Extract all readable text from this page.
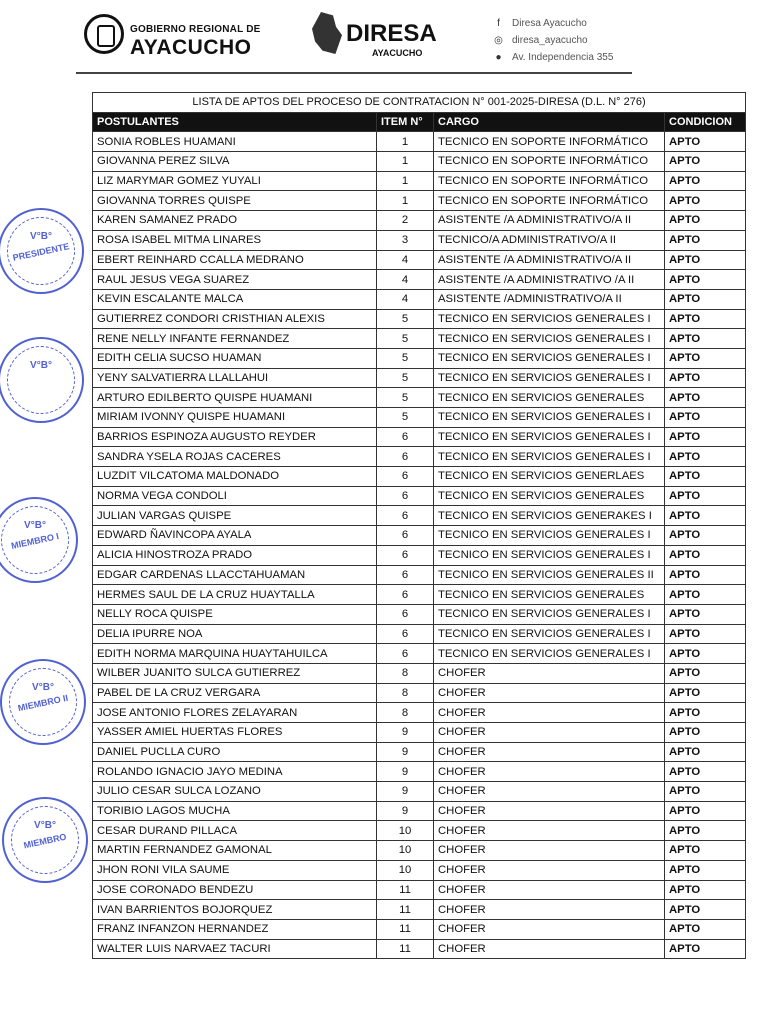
GOBIERNO REGIONAL DE
AYACUCHO
DIRESA
AYACUCHO
f Diresa Ayacucho
◎ diresa_ayacucho
● Av. Independencia 355
V°B°
PRESIDENTE
V°B°
V°B°
MIEMBRO I
V°B°
MIEMBRO II
V°B°
MIEMBRO
LISTA DE APTOS DEL PROCESO DE CONTRATACION N° 001-2025-DIRESA (D.L. N° 276)			
POSTULANTES	ITEM N°	CARGO	CONDICION
SONIA ROBLES HUAMANI	1	TECNICO EN SOPORTE INFORMÁTICO	APTO
GIOVANNA PEREZ SILVA	1	TECNICO EN SOPORTE INFORMÁTICO	APTO
LIZ MARYMAR GOMEZ YUYALI	1	TECNICO EN SOPORTE INFORMÁTICO	APTO
GIOVANNA TORRES QUISPE	1	TECNICO EN SOPORTE INFORMÁTICO	APTO
KAREN SAMANEZ PRADO	2	ASISTENTE /A ADMINISTRATIVO/A II	APTO
ROSA ISABEL MITMA LINARES	3	TECNICO/A ADMINISTRATIVO/A II	APTO
EBERT REINHARD CCALLA MEDRANO	4	ASISTENTE /A ADMINISTRATIVO/A II	APTO
RAUL JESUS VEGA SUAREZ	4	ASISTENTE /A ADMINISTRATIVO /A II	APTO
KEVIN ESCALANTE MALCA	4	ASISTENTE /ADMINISTRATIVO/A II	APTO
GUTIERREZ CONDORI CRISTHIAN ALEXIS	5	TECNICO EN SERVICIOS GENERALES I	APTO
RENE NELLY INFANTE FERNANDEZ	5	TECNICO EN SERVICIOS GENERALES I	APTO
EDITH CELIA SUCSO HUAMAN	5	TECNICO EN SERVICIOS GENERALES I	APTO
YENY SALVATIERRA LLALLAHUI	5	TECNICO EN SERVICIOS GENERALES I	APTO
ARTURO EDILBERTO QUISPE HUAMANI	5	TECNICO EN SERVICIOS GENERALES	APTO
MIRIAM IVONNY QUISPE HUAMANI	5	TECNICO EN SERVICIOS GENERALES I	APTO
BARRIOS ESPINOZA AUGUSTO REYDER	6	TECNICO EN SERVICIOS GENERALES I	APTO
SANDRA YSELA ROJAS CACERES	6	TECNICO EN SERVICIOS GENERALES I	APTO
LUZDIT VILCATOMA MALDONADO	6	TECNICO EN SERVICIOS GENERLAES	APTO
NORMA VEGA CONDOLI	6	TECNICO EN SERVICIOS GENERALES	APTO
JULIAN VARGAS QUISPE	6	TECNICO EN SERVICIOS GENERAKES I	APTO
EDWARD ÑAVINCOPA AYALA	6	TECNICO EN SERVICIOS GENERALES I	APTO
ALICIA HINOSTROZA PRADO	6	TECNICO EN SERVICIOS GENERALES I	APTO
EDGAR CARDENAS LLACCTAHUAMAN	6	TECNICO EN SERVICIOS GENERALES II	APTO
HERMES SAUL DE LA CRUZ HUAYTALLA	6	TECNICO EN SERVICIOS GENERALES	APTO
NELLY ROCA QUISPE	6	TECNICO EN SERVICIOS GENERALES I	APTO
DELIA IPURRE NOA	6	TECNICO EN SERVICIOS GENERALES I	APTO
EDITH NORMA MARQUINA HUAYTAHUILCA	6	TECNICO EN SERVICIOS GENERALES I	APTO
WILBER JUANITO SULCA GUTIERREZ	8	CHOFER	APTO
PABEL DE LA CRUZ VERGARA	8	CHOFER	APTO
JOSE ANTONIO FLORES ZELAYARAN	8	CHOFER	APTO
YASSER AMIEL HUERTAS FLORES	9	CHOFER	APTO
DANIEL PUCLLA CURO	9	CHOFER	APTO
ROLANDO IGNACIO JAYO MEDINA	9	CHOFER	APTO
JULIO CESAR SULCA LOZANO	9	CHOFER	APTO
TORIBIO LAGOS MUCHA	9	CHOFER	APTO
CESAR DURAND PILLACA	10	CHOFER	APTO
MARTIN FERNANDEZ GAMONAL	10	CHOFER	APTO
JHON RONI VILA SAUME	10	CHOFER	APTO
JOSE CORONADO BENDEZU	11	CHOFER	APTO
IVAN BARRIENTOS BOJORQUEZ	11	CHOFER	APTO
FRANZ INFANZON HERNANDEZ	11	CHOFER	APTO
WALTER LUIS NARVAEZ TACURI	11	CHOFER	APTO
